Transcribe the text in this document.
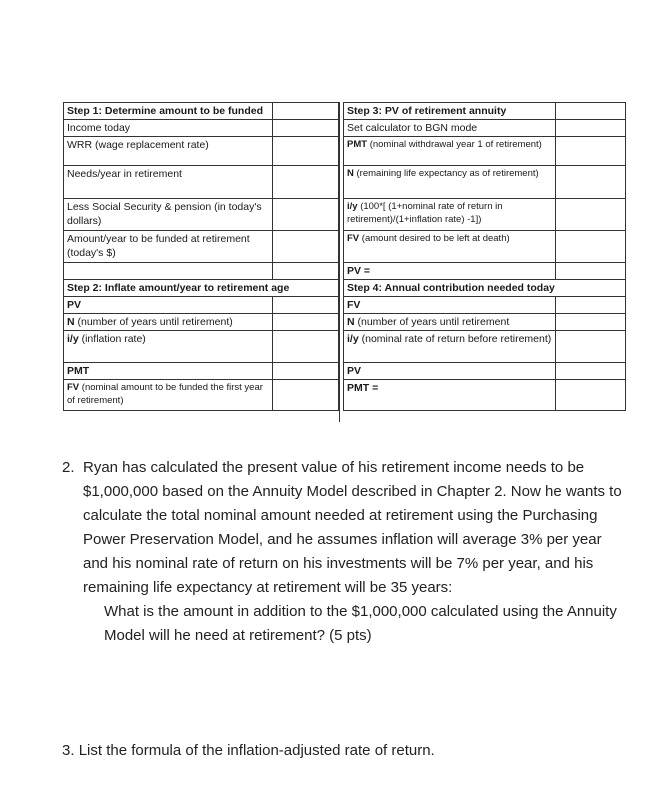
Step 1: Determine amount to be funded	
Income today	
WRR (wage replacement rate)	
Needs/year in retirement	
Less Social Security & pension (in today's dollars)	
Amount/year to be funded at retirement (today's $)	

Step 2: Inflate amount/year to retirement age	
PV	
N (number of years until retirement)	
i/y (inflation rate)	
PMT	
FV (nominal amount to be funded the first year of retirement)	
Step 3: PV of retirement annuity	
Set calculator to BGN mode	
PMT (nominal withdrawal year 1 of retirement)	
N (remaining life expectancy as of retirement)	
i/y (100*[ (1+nominal rate of return in retirement)/(1+inflation rate) -1])	
FV (amount desired to be left at death)	
PV =	
Step 4: Annual contribution needed today	
FV	
N (number of years until retirement	
i/y (nominal rate of return before retirement)	
PV	
PMT =	
2. Ryan has calculated the present value of his retirement income needs to be $1,000,000 based on the Annuity Model described in Chapter 2. Now he wants to calculate the total nominal amount needed at retirement using the Purchasing Power Preservation Model, and he assumes inflation will average 3% per year and his nominal rate of return on his investments will be 7% per year, and his remaining life expectancy at retirement will be 35 years:
What is the amount in addition to the $1,000,000 calculated using the Annuity Model will he need at retirement? (5 pts)
3. List the formula of the inflation-adjusted rate of return.
